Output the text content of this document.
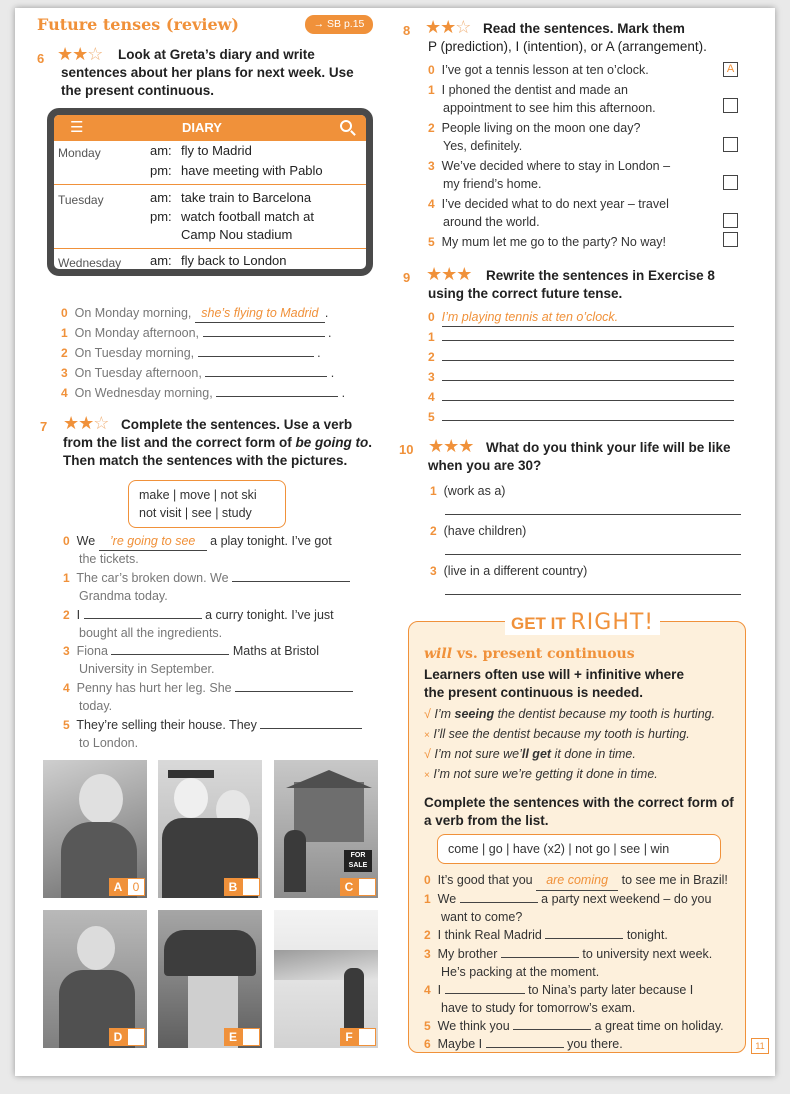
Future tenses (review)	→ SB p.15
6 ★★☆ Look at Greta’s diary and write
sentences about her plans for next week. Use
the present continuous.
☰	DIARY
Monday	am: fly to Madrid
pm: have meeting with Pablo
Tuesday	am: take train to Barcelona
pm: watch football match at
Camp Nou stadium
Wednesday am: fly back to London
0 On Monday morning, she’s flying to Madrid .
1 On Monday afternoon,	.
2 On Tuesday morning,	.
3 On Tuesday afternoon,	.
4 On Wednesday morning,	.
7 ★★☆ Complete the sentences. Use a verb
from the list and the correct form of be going to.
Then match the sentences with the pictures.
make | move | not ski
not visit | see | study
0 We ’re going to see a play tonight. I’ve got
the tickets.
1 The car’s broken down. We
Grandma today.
2 I	a curry tonight. I’ve just
bought all the ingredients.
3 Fiona	Maths at Bristol
University in September.
4 Penny has hurt her leg. She
today.
5 They’re selling their house. They
to London.
A 0	B
FOR SALE
C
D	E	F
8 ★★☆ Read the sentences. Mark them
P (prediction), I (intention), or A (arrangement).
0 I’ve got a tennis lesson at ten o’clock.	A
1 I phoned the dentist and made an
appointment to see him this afternoon.
2 People living on the moon one day?
Yes, definitely.
3 We’ve decided where to stay in London –
my friend’s home.
4 I’ve decided what to do next year – travel
around the world.
5 My mum let me go to the party? No way!
9 ★★★ Rewrite the sentences in Exercise 8
using the correct future tense.
0 I’m playing tennis at ten o’clock.
1
2
3
4
5
10 ★★★ What do you think your life will be like
when you are 30?
1 (work as a)
2 (have children)
3 (live in a different country)
GET IT RIGHT!
will vs. present continuous
Learners often use will + infinitive where
the present continuous is needed.
√ I’m seeing the dentist because my tooth is hurting.
× I’ll see the dentist because my tooth is hurting.
√ I’m not sure we’ll get it done in time.
× I’m not sure we’re getting it done in time.
Complete the sentences with the correct form of
a verb from the list.
come | go | have (x2) | not go | see | win
0 It’s good that you are coming to see me in Brazil!
1 We	a party next weekend – do you
want to come?
2 I think Real Madrid	tonight.
3 My brother	to university next week.
He’s packing at the moment.
4 I	to Nina’s party later because I
have to study for tomorrow’s exam.
5 We think you	a great time on holiday.
6 Maybe I	you there.	11
